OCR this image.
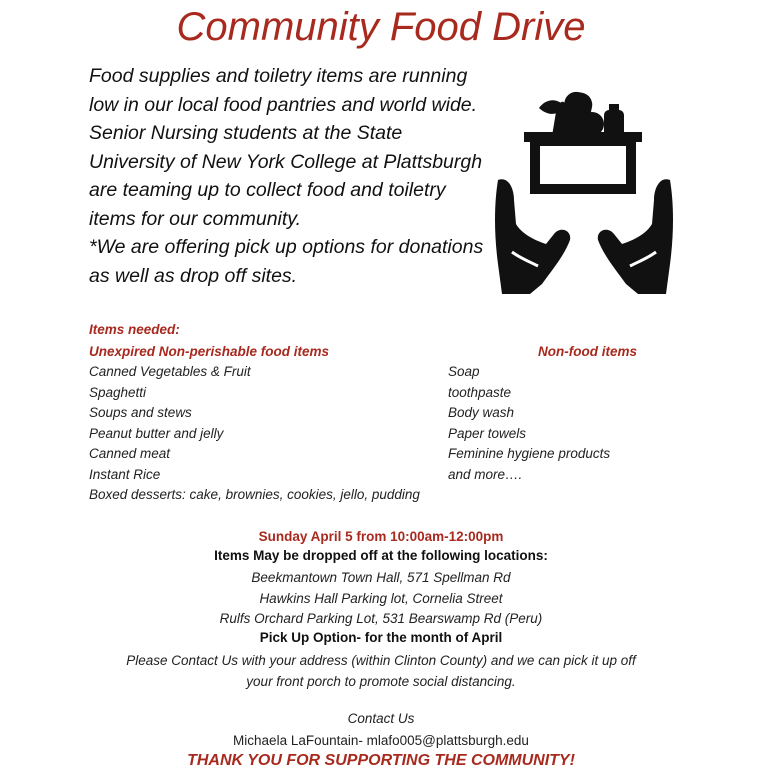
Community Food Drive

Food supplies and toiletry items are running low in our local food pantries and world wide. Senior Nursing students at the State University of New York College at Plattsburgh are teaming up to collect food and toiletry items for our community.

*We are offering pick up options for donations as well as drop off sites.

Items needed:
Unexpired Non-perishable food items	Non-food items
Canned Vegetables & Fruit
Spaghetti
Soups and stews
Peanut butter and jelly
Canned meat
Instant Rice
Boxed desserts: cake, brownies, cookies, jello, pudding
Soap
toothpaste
Body wash
Paper towels
Feminine hygiene products
and more….
Sunday April 5 from 10:00am-12:00pm
Items May be dropped off at the following locations:
Beekmantown Town Hall, 571 Spellman Rd
Hawkins Hall Parking lot, Cornelia Street
Rulfs Orchard Parking Lot, 531 Bearswamp Rd (Peru)
Pick Up Option- for the month of April
Please Contact Us with your address (within Clinton County) and we can pick it up off
your front porch to promote social distancing.
Contact Us
Michaela LaFountain- mlafo005@plattsburgh.edu
THANK YOU FOR SUPPORTING THE COMMUNITY!
